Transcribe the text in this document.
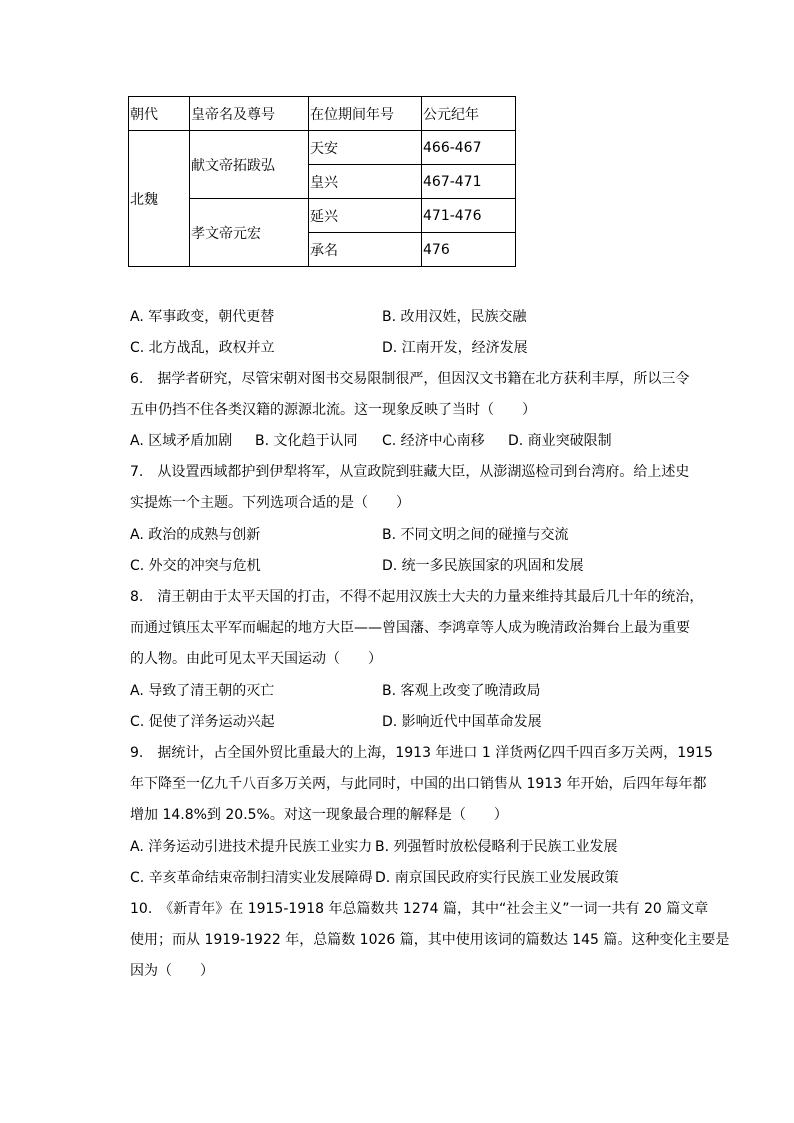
朝代	皇帝名及尊号	在位期间年号	公元纪年
北魏	献文帝拓跋弘	天安	466-467
		皇兴	467-471
	孝文帝元宏	延兴	471-476
		承名	476
A. 军事政变，朝代更替	B. 改用汉姓，民族交融
C. 北方战乱，政权并立	D. 江南开发，经济发展
6.　据学者研究，尽管宋朝对图书交易限制很严，但因汉文书籍在北方获利丰厚，所以三令
五申仍挡不住各类汉籍的源源北流。这一现象反映了当时（　　）
A. 区域矛盾加剧 B. 文化趋于认同 C. 经济中心南移 D. 商业突破限制
7.　从设置西域都护到伊犁将军，从宣政院到驻藏大臣，从澎湖巡检司到台湾府。给上述史
实提炼一个主题。下列选项合适的是（　　）
A. 政治的成熟与创新	B. 不同文明之间的碰撞与交流
C. 外交的冲突与危机	D. 统一多民族国家的巩固和发展
8.　清王朝由于太平天国的打击，不得不起用汉族士大夫的力量来维持其最后几十年的统治，
而通过镇压太平军而崛起的地方大臣——曾国藩、李鸿章等人成为晚清政治舞台上最为重要
的人物。由此可见太平天国运动（　　）
A. 导致了清王朝的灭亡	B. 客观上改变了晚清政局
C. 促使了洋务运动兴起	D. 影响近代中国革命发展
9.　据统计，占全国外贸比重最大的上海，1913 年进口 1 洋货两亿四千四百多万关两，1915
年下降至一亿九千八百多万关两，与此同时，中国的出口销售从 1913 年开始，后四年每年都
增加 14.8%到 20.5%。对这一现象最合理的解释是（　　）
A. 洋务运动引进技术提升民族工业实力 B. 列强暂时放松侵略利于民族工业发展
C. 辛亥革命结束帝制扫清实业发展障碍 D. 南京国民政府实行民族工业发展政策
10.　《新青年》在 1915-1918 年总篇数共 1274 篇，其中“社会主义”一词一共有 20 篇文章
使用；而从 1919-1922 年，总篇数 1026 篇，其中使用该词的篇数达 145 篇。这种变化主要是
因为（　　）
